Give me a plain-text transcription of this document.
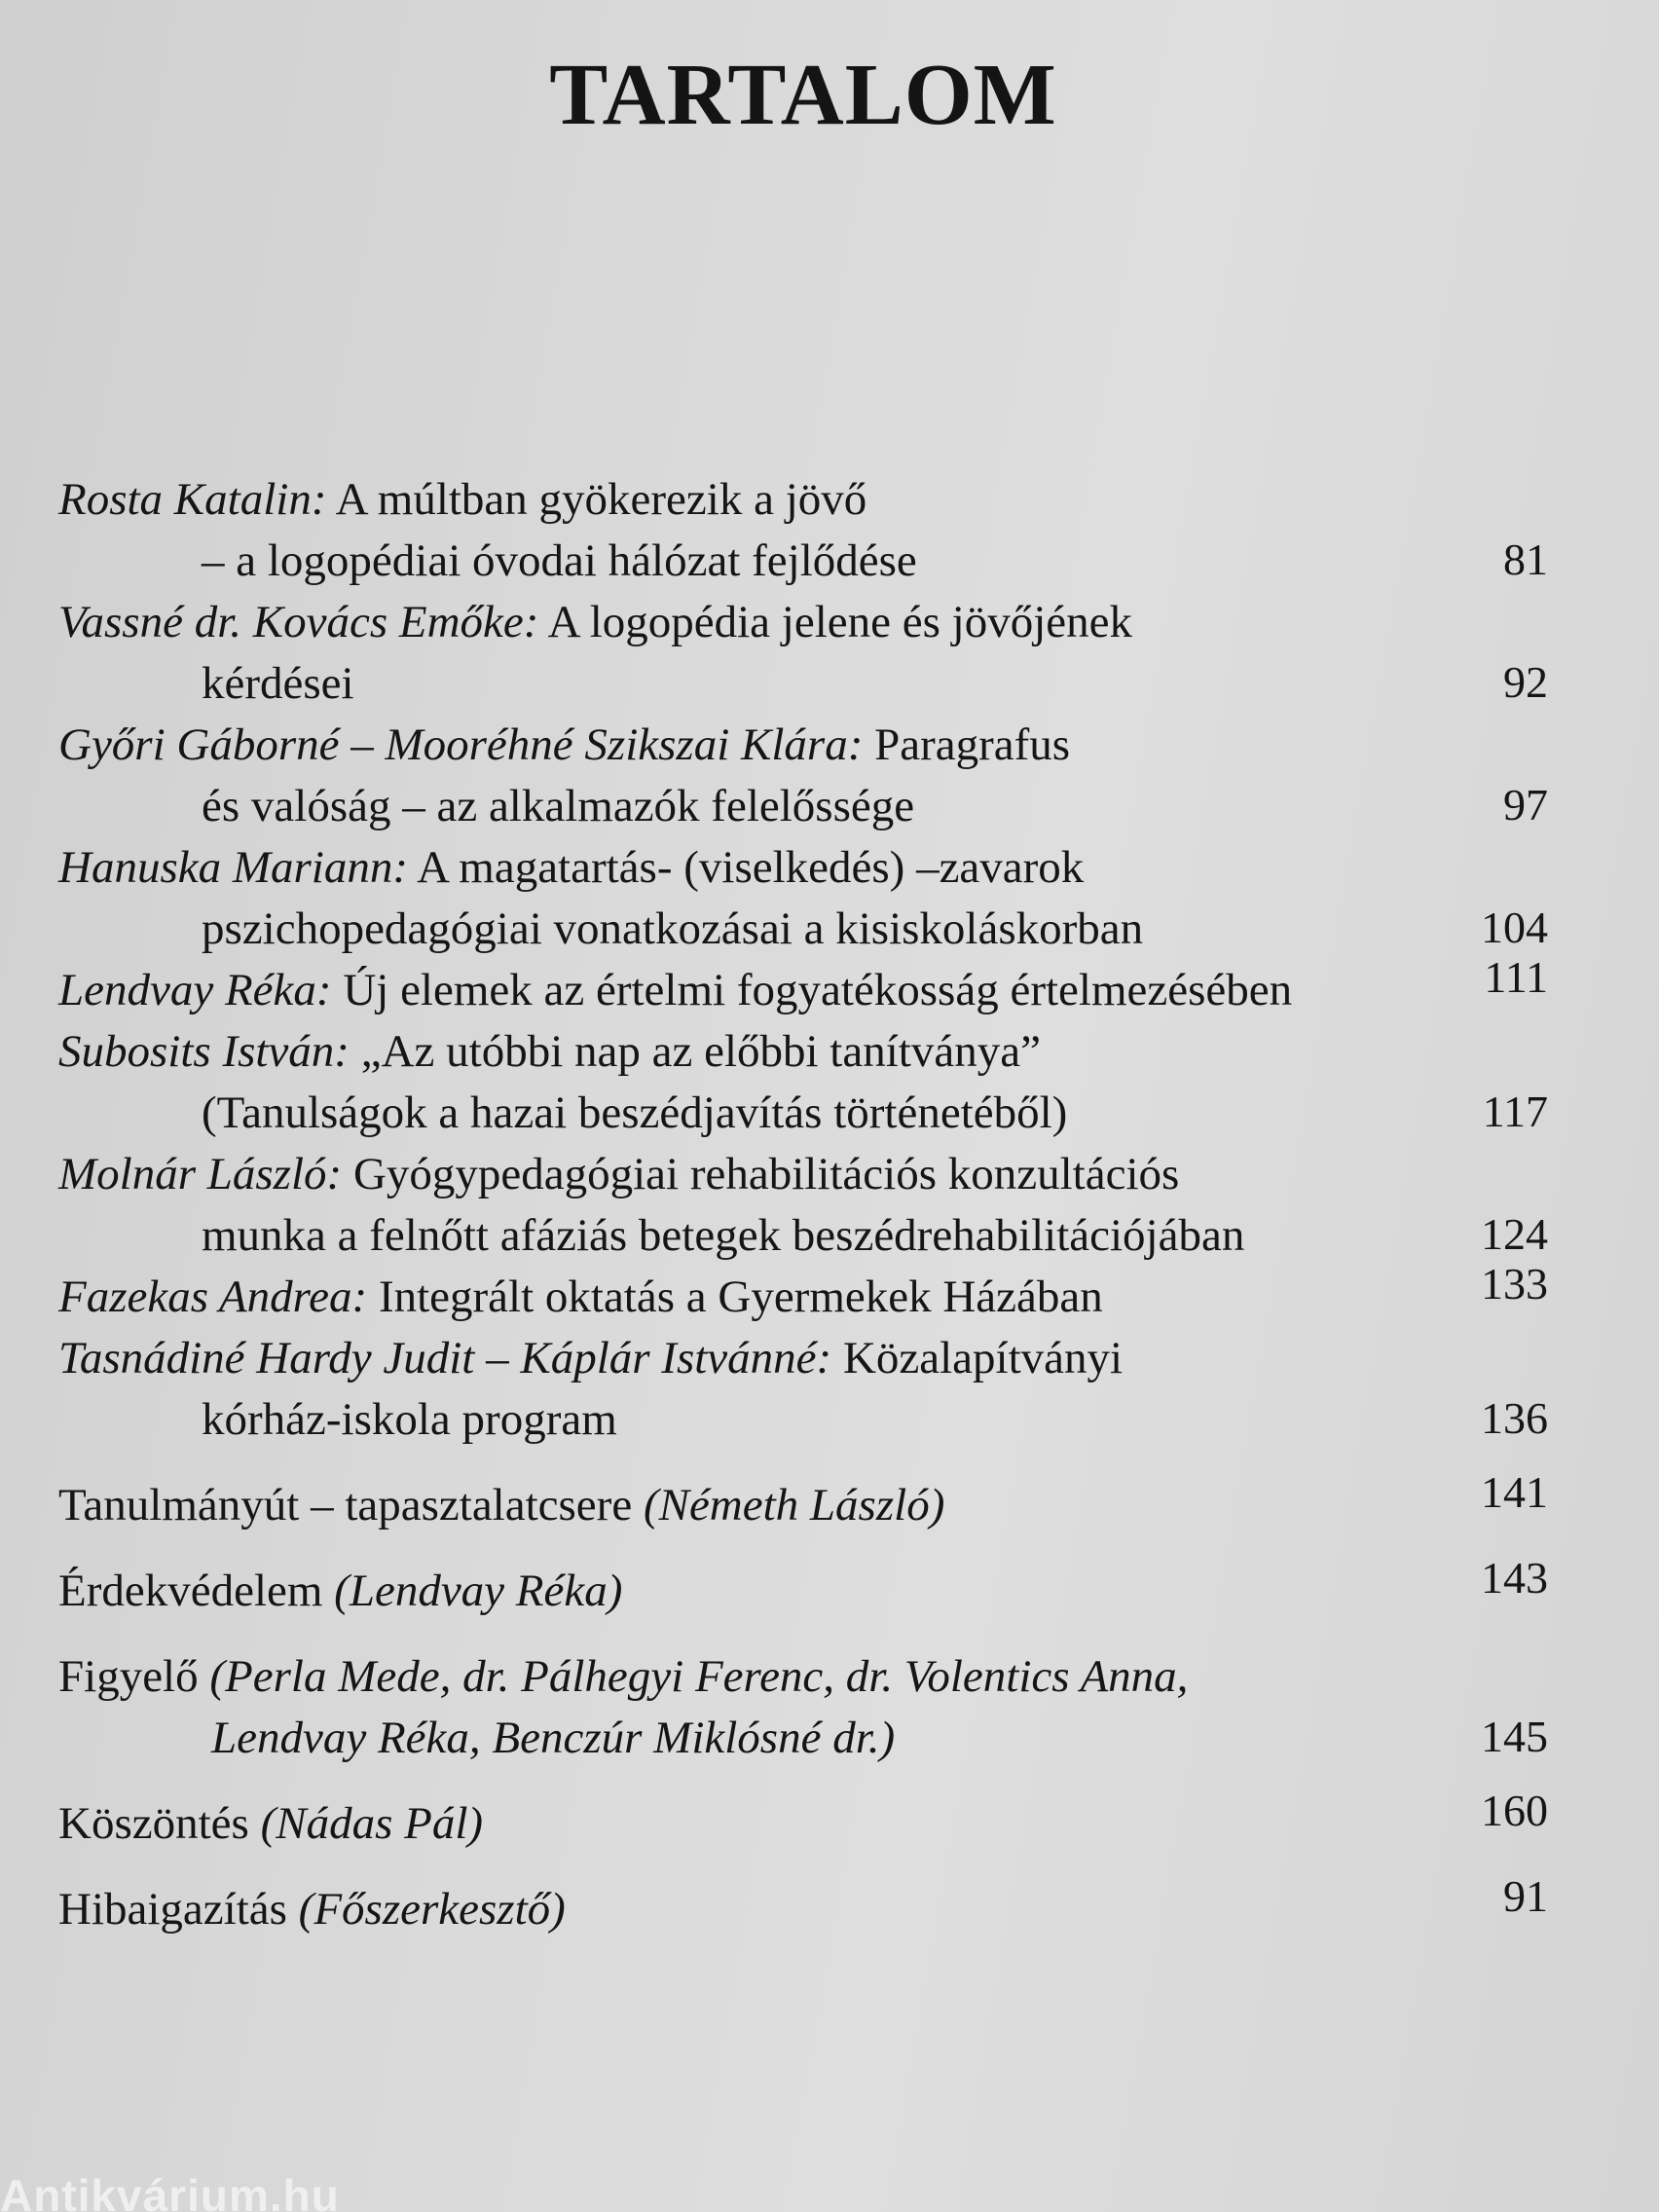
TARTALOM
Rosta Katalin: A múltban gyökerezik a jövő
– a logopédiai óvodai hálózat fejlődése	81
Vassné dr. Kovács Emőke: A logopédia jelene és jövőjének
kérdései	92
Győri Gáborné – Mooréhné Szikszai Klára: Paragrafus
és valóság – az alkalmazók felelőssége	97
Hanuska Mariann: A magatartás- (viselkedés) –zavarok
pszichopedagógiai vonatkozásai a kisiskoláskorban	104
Lendvay Réka: Új elemek az értelmi fogyatékosság értelmezésében	111
Subosits István: „Az utóbbi nap az előbbi tanítványa”
(Tanulságok a hazai beszédjavítás történetéből)	117
Molnár László: Gyógypedagógiai rehabilitációs konzultációs
munka a felnőtt afáziás betegek beszédrehabilitációjában	124
Fazekas Andrea: Integrált oktatás a Gyermekek Házában	133
Tasnádiné Hardy Judit – Káplár Istvánné: Közalapítványi
kórház-iskola program	136
Tanulmányút – tapasztalatcsere (Németh László)	141
Érdekvédelem (Lendvay Réka)	143
Figyelő (Perla Mede, dr. Pálhegyi Ferenc, dr. Volentics Anna,
Lendvay Réka, Benczúr Miklósné dr.)	145
Köszöntés (Nádas Pál)	160
Hibaigazítás (Főszerkesztő)	91
Antikvárium.hu
